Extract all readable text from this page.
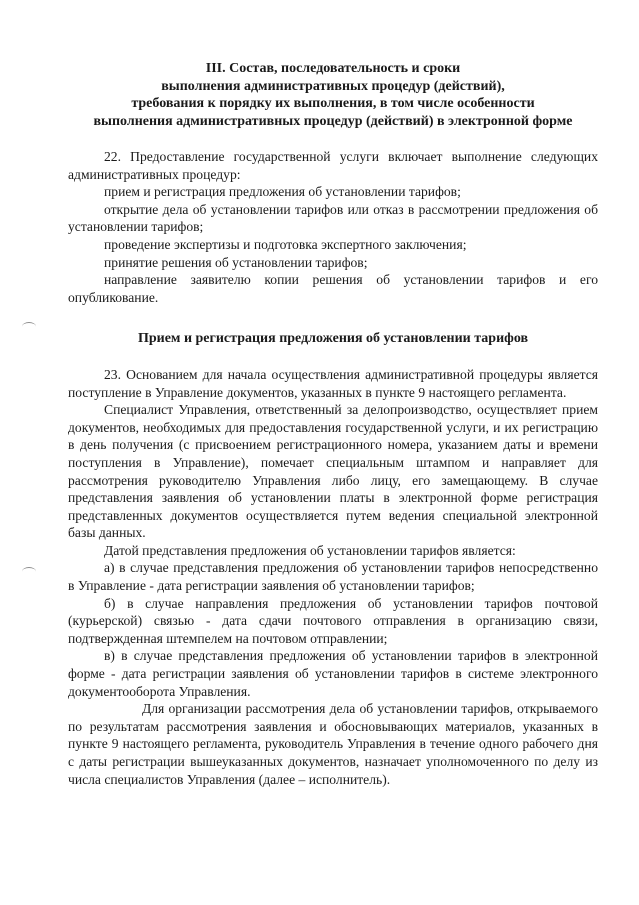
III. Состав, последовательность и сроки
выполнения административных процедур (действий),
требования к порядку их выполнения, в том числе особенности
выполнения административных процедур (действий) в электронной форме

22. Предоставление государственной услуги включает выполнение следующих административных процедур:

прием и регистрация предложения об установлении тарифов;

открытие дела об установлении тарифов или отказ в рассмотрении предложения об установлении тарифов;

проведение экспертизы и подготовка экспертного заключения;

принятие решения об установлении тарифов;

направление заявителю копии решения об установлении тарифов и его опубликование.

Прием и регистрация предложения об установлении тарифов

23. Основанием для начала осуществления административной процедуры является поступление в Управление документов, указанных в пункте 9 настоящего регламента.

Специалист Управления, ответственный за делопроизводство, осуществляет прием документов, необходимых для предоставления государственной услуги, и их регистрацию в день получения (с присвоением регистрационного номера, указанием даты и времени поступления в Управление), помечает специальным штампом и направляет для рассмотрения руководителю Управления либо лицу, его замещающему. В случае представления заявления об установлении платы в электронной форме регистрация представленных документов осуществляется путем ведения специальной электронной базы данных.

Датой представления предложения об установлении тарифов является:

а) в случае представления предложения об установлении тарифов непосредственно в Управление - дата регистрации заявления об установлении тарифов;

б) в случае направления предложения об установлении тарифов почтовой (курьерской) связью - дата сдачи почтового отправления в организацию связи, подтвержденная штемпелем на почтовом отправлении;

в) в случае представления предложения об установлении тарифов в электронной форме - дата регистрации заявления об установлении тарифов в системе электронного документооборота Управления.

Для организации рассмотрения дела об установлении тарифов, открываемого по результатам рассмотрения заявления и обосновывающих материалов, указанных в пункте 9 настоящего регламента, руководитель Управления в течение одного рабочего дня с даты регистрации вышеуказанных документов, назначает уполномоченного по делу из числа специалистов Управления (далее – исполнитель).
